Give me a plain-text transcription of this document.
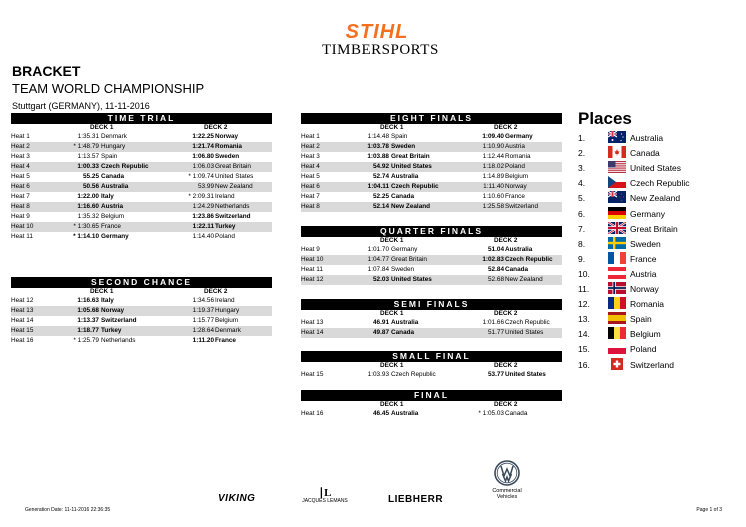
STIHL
TIMBERSPORTS
BRACKET
TEAM WORLD CHAMPIONSHIP
Stuttgart (GERMANY), 11-11-2016
TIME TRIAL
DECK 1	DECK 2
Heat 1	1:35.31 Denmark	1:22.25 Norway
Heat 2	* 1:48.79 Hungary	1:21.74 Romania
Heat 3	1:13.57 Spain	1:06.80 Sweden
Heat 4	1:00.33 Czech Republic	1:06.03 Great Britain
Heat 5	55.25 Canada	* 1:09.74 United States
Heat 6	50.56 Australia	53.99 New Zealand
Heat 7	1:22.00 Italy	* 2:09.31 Ireland
Heat 8	1:16.60 Austria	1:24.29 Netherlands
Heat 9	1:35.32 Belgium	1:23.86 Switzerland
Heat 10	* 1:30.65 France	1:22.11 Turkey
Heat 11	* 1:14.10 Germany	1:14.40 Poland
SECOND CHANCE
DECK 1	DECK 2
Heat 12	1:16.63 Italy	1:34.56 Ireland
Heat 13	1:05.68 Norway	1:19.37 Hungary
Heat 14	1:13.37 Switzerland	1:15.77 Belgium
Heat 15	1:18.77 Turkey	1:28.64 Denmark
Heat 16	* 1:25.79 Netherlands	1:11.20 France
EIGHT FINALS
DECK 1	DECK 2
Heat 1	1:14.48 Spain	1:09.40 Germany
Heat 2	1:03.78 Sweden	1:10.90 Austria
Heat 3	1:03.88 Great Britain	1:12.44 Romania
Heat 4	54.92 United States	1:18.02 Poland
Heat 5	52.74 Australia	1:14.89 Belgium
Heat 6	1:04.11 Czech Republic	1:11.40 Norway
Heat 7	52.25 Canada	1:10.60 France
Heat 8	52.14 New Zealand	1:25.58 Switzerland
QUARTER FINALS
DECK 1	DECK 2
Heat 9	1:01.70 Germany	51.04 Australia
Heat 10	1:04.77 Great Britain	1:02.83 Czech Republic
Heat 11	1:07.84 Sweden	52.84 Canada
Heat 12	52.03 United States	52.68 New Zealand
SEMI FINALS
DECK 1	DECK 2
Heat 13	46.91 Australia	1:01.66 Czech Republic
Heat 14	49.87 Canada	51.77 United States
SMALL FINAL
DECK 1	DECK 2
Heat 15	1:03.93 Czech Republic	53.77 United States
FINAL
DECK 1	DECK 2
Heat 16	46.45 Australia	* 1:05.03 Canada
Places
1.	Australia
2.	Canada
3.	United States
4.	Czech Republic
5.	New Zealand
6.	Germany
7.	Great Britain
8.	Sweden
9.	France
10.	Austria
11.	Norway
12.	Romania
13.	Spain
14.	Belgium
15.	Poland
16.	Switzerland
VIKING	∣L
JACQUES LEMANS	LIEBHERR
Commercial
Vehicles
Generation Date: 11-11-2016 22:36:35	Page 1 of 3
